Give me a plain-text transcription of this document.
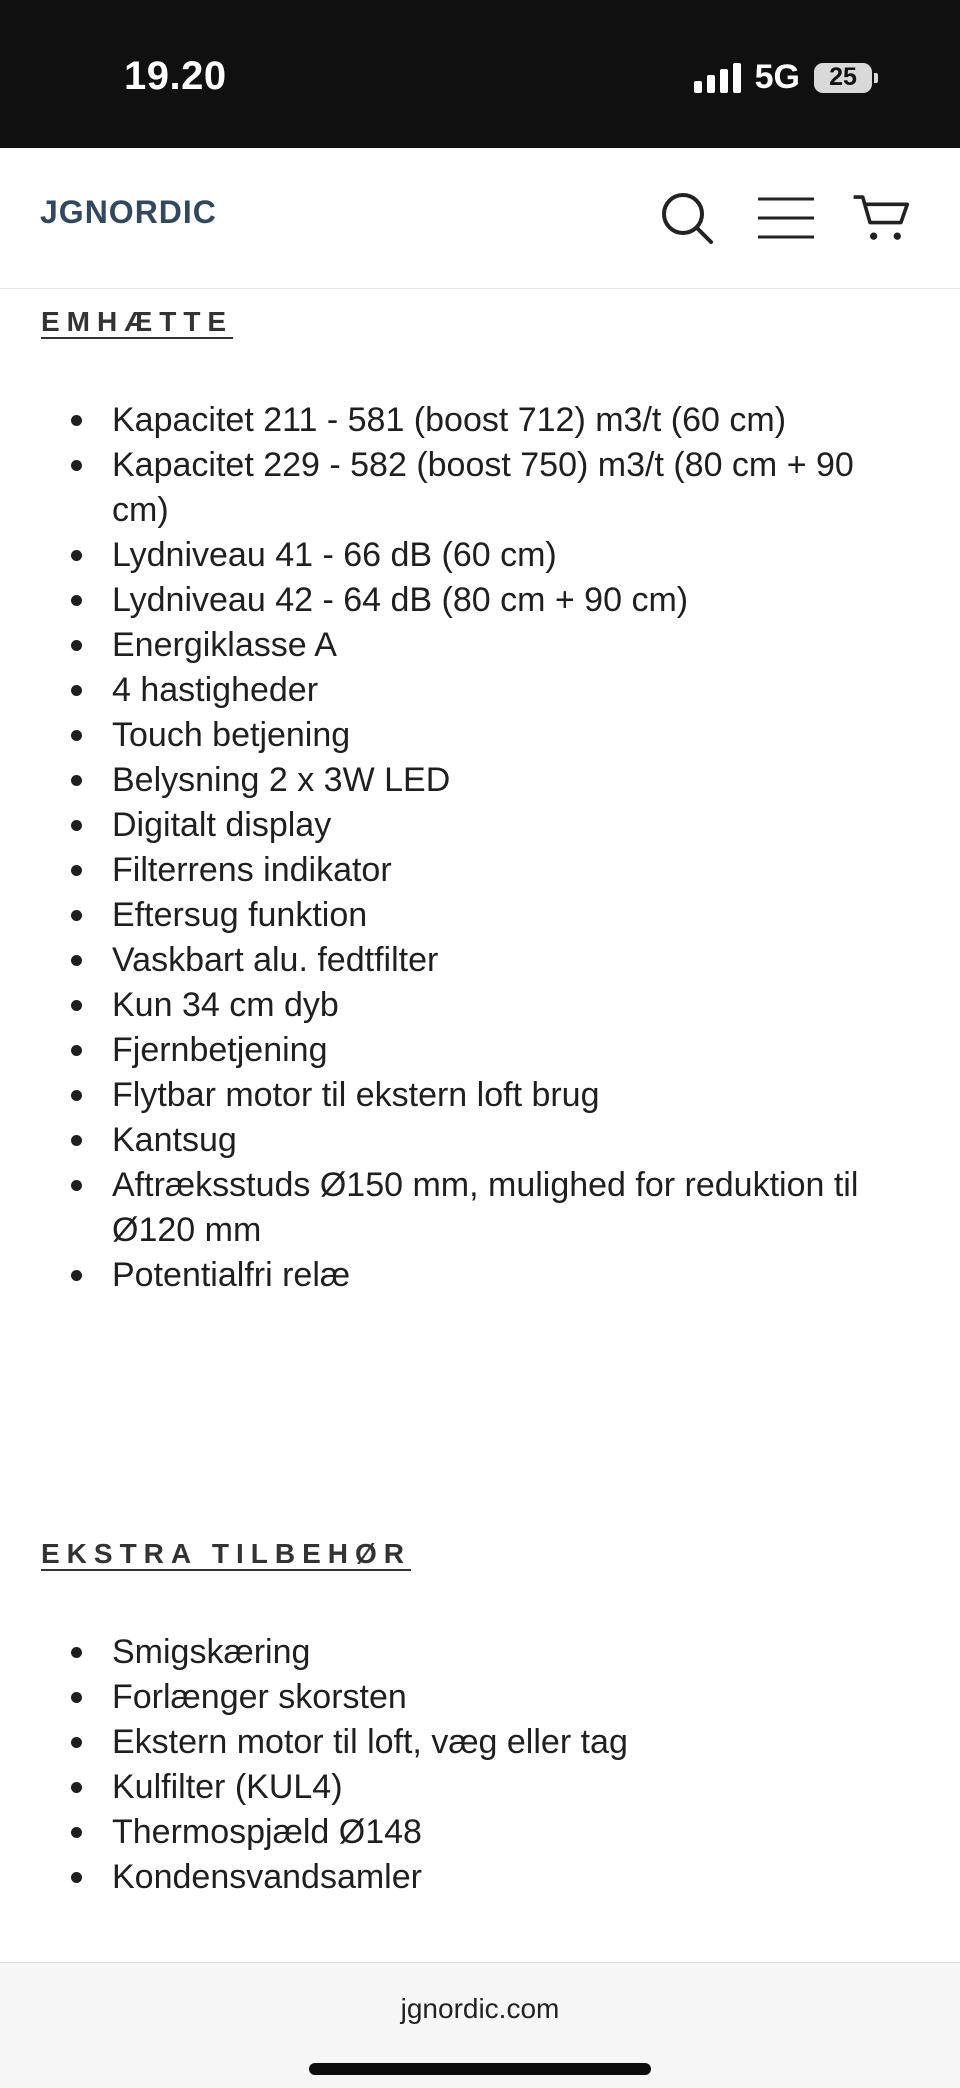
19.20	5G 25
JGNORDIC
EMHÆTTE
Kapacitet 211 - 581 (boost 712) m3/t (60 cm)
Kapacitet 229 - 582 (boost 750) m3/t (80 cm + 90 cm)
Lydniveau 41 - 66 dB (60 cm)
Lydniveau 42 - 64 dB (80 cm + 90 cm)
Energiklasse A
4 hastigheder
Touch betjening
Belysning 2 x 3W LED
Digitalt display
Filterrens indikator
Eftersug funktion
Vaskbart alu. fedtfilter
Kun 34 cm dyb
Fjernbetjening
Flytbar motor til ekstern loft brug
Kantsug
Aftræksstuds Ø150 mm, mulighed for reduktion til Ø120 mm
Potentialfri relæ
EKSTRA TILBEHØR
Smigskæring
Forlænger skorsten
Ekstern motor til loft, væg eller tag
Kulfilter (KUL4)
Thermospjæld Ø148
Kondensvandsamler
jgnordic.com
